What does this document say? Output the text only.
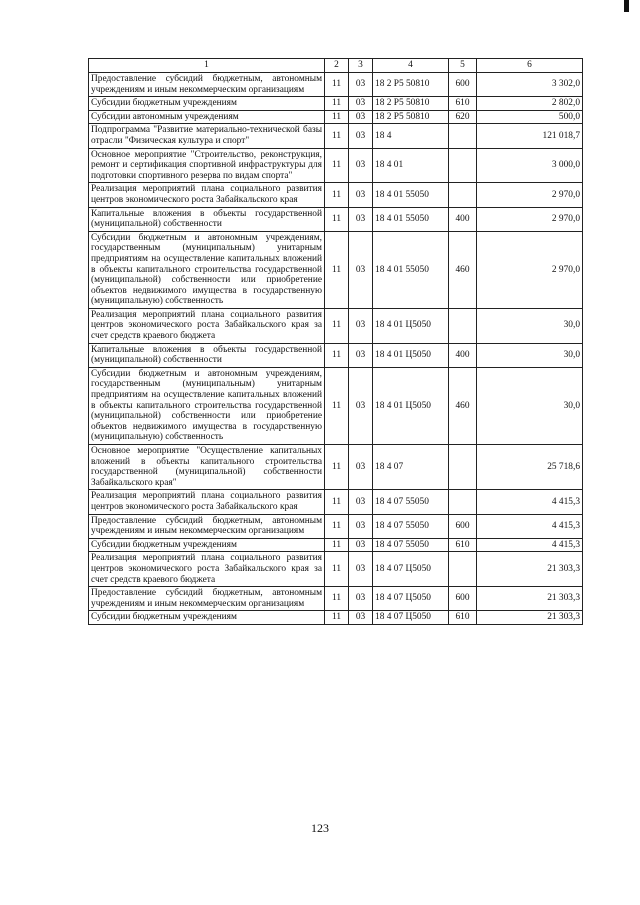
1	2	3	4	5	6
Предоставление субсидий бюджетным, автономным учреждениям и иным некоммерческим организациям	11	03	18 2 P5 50810	600	3 302,0
Субсидии бюджетным учреждениям	11	03	18 2 P5 50810	610	2 802,0
Субсидии автономным учреждениям	11	03	18 2 P5 50810	620	500,0
Подпрограмма "Развитие материально-технической базы отрасли "Физическая культура и спорт"	11	03	18 4		121 018,7
Основное мероприятие "Строительство, реконструкция, ремонт и сертификация спортивной инфраструктуры для подготовки спортивного резерва по видам спорта"	11	03	18 4 01		3 000,0
Реализация мероприятий плана социального развития центров экономического роста Забайкальского края	11	03	18 4 01 55050		2 970,0
Капитальные вложения в объекты государственной (муниципальной) собственности	11	03	18 4 01 55050	400	2 970,0
Субсидии бюджетным и автономным учреждениям, государственным (муниципальным) унитарным предприятиям на осуществление капитальных вложений в объекты капитального строительства государственной (муниципальной) собственности или приобретение объектов недвижимого имущества в государственную (муниципальную) собственность	11	03	18 4 01 55050	460	2 970,0
Реализация мероприятий плана социального развития центров экономического роста Забайкальского края за счет средств краевого бюджета	11	03	18 4 01 Ц5050		30,0
Капитальные вложения в объекты государственной (муниципальной) собственности	11	03	18 4 01 Ц5050	400	30,0
Субсидии бюджетным и автономным учреждениям, государственным (муниципальным) унитарным предприятиям на осуществление капитальных вложений в объекты капитального строительства государственной (муниципальной) собственности или приобретение объектов недвижимого имущества в государственную (муниципальную) собственность	11	03	18 4 01 Ц5050	460	30,0
Основное мероприятие "Осуществление капитальных вложений в объекты капитального строительства государственной (муниципальной) собственности Забайкальского края"	11	03	18 4 07		25 718,6
Реализация мероприятий плана социального развития центров экономического роста Забайкальского края	11	03	18 4 07 55050		4 415,3
Предоставление субсидий бюджетным, автономным учреждениям и иным некоммерческим организациям	11	03	18 4 07 55050	600	4 415,3
Субсидии бюджетным учреждениям	11	03	18 4 07 55050	610	4 415,3
Реализация мероприятий плана социального развития центров экономического роста Забайкальского края за счет средств краевого бюджета	11	03	18 4 07 Ц5050		21 303,3
Предоставление субсидий бюджетным, автономным учреждениям и иным некоммерческим организациям	11	03	18 4 07 Ц5050	600	21 303,3
Субсидии бюджетным учреждениям	11	03	18 4 07 Ц5050	610	21 303,3
123
